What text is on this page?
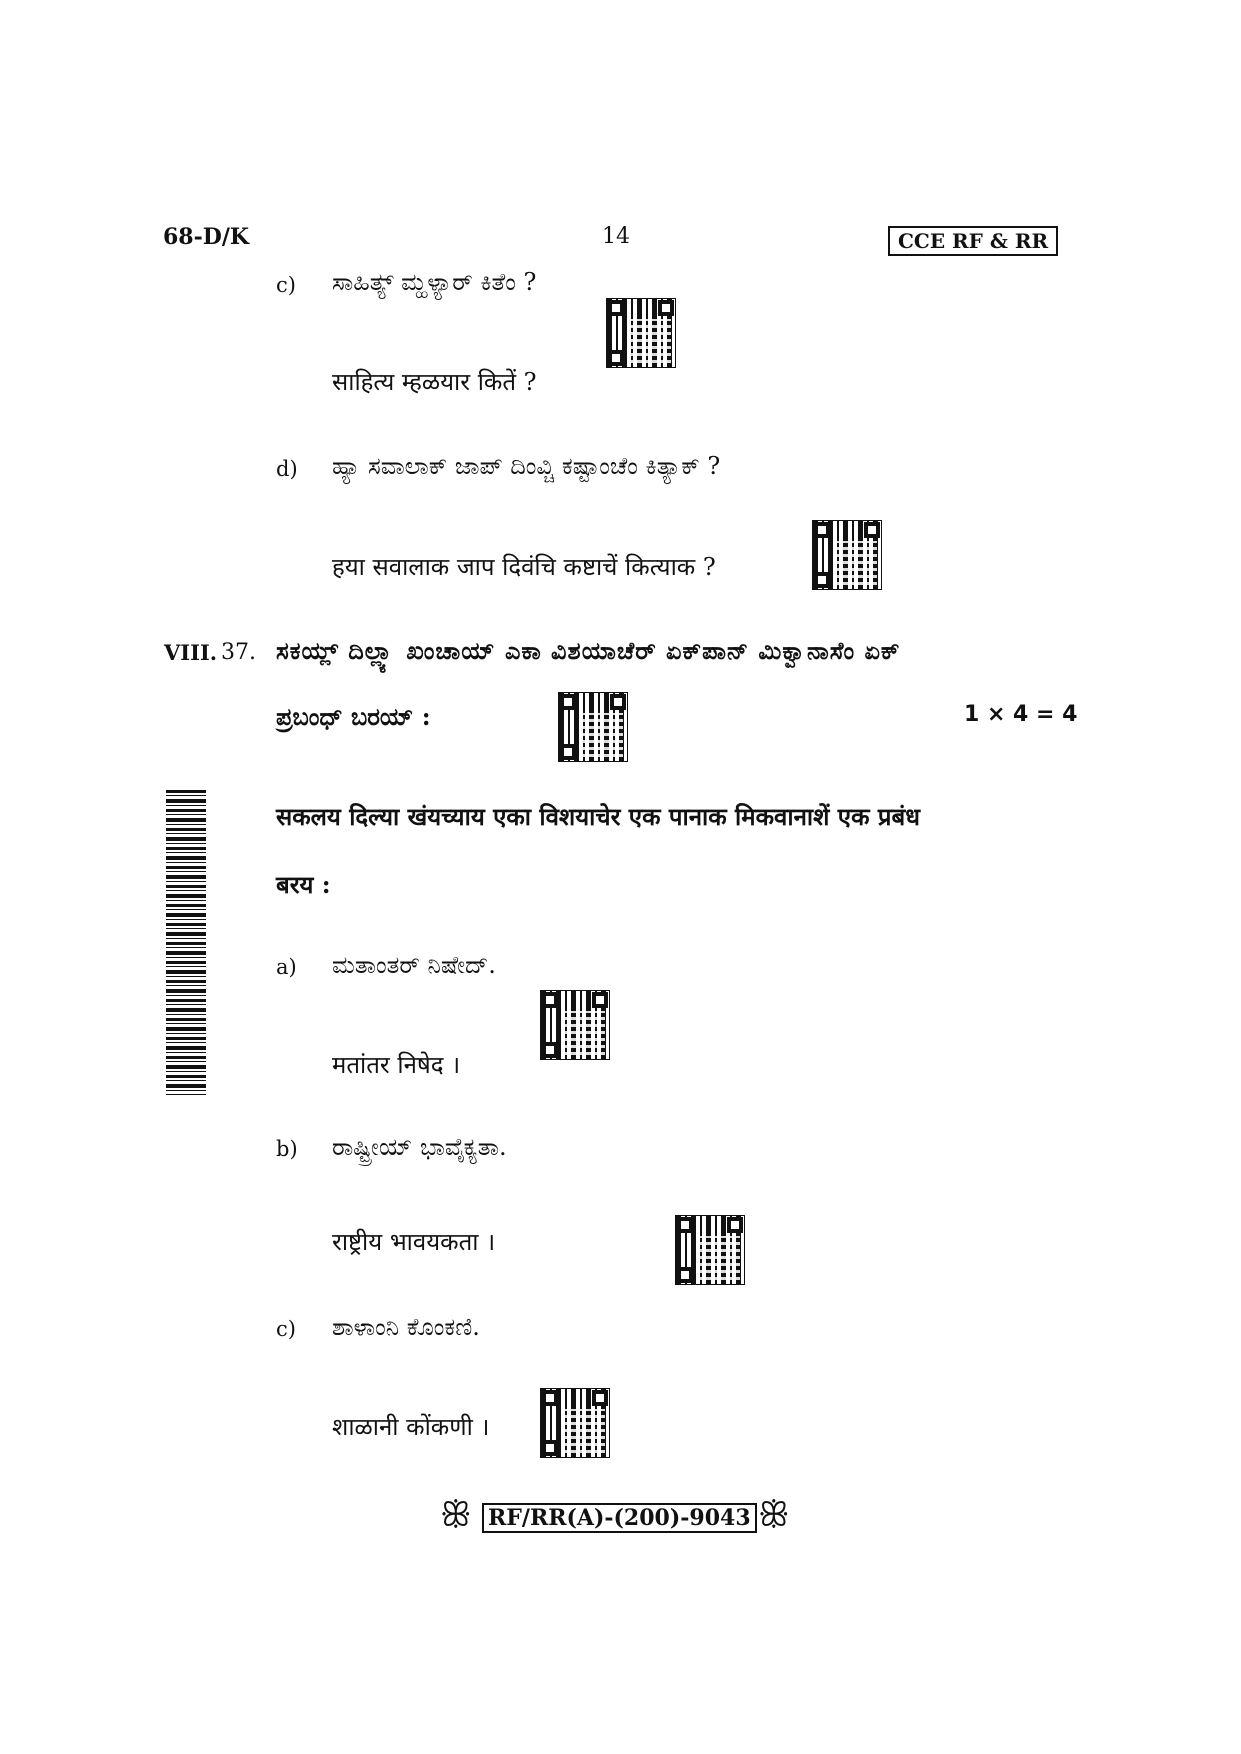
68-D/K	14	CCE RF & RR
c) ಸಾಹಿತ್ಯ್ ಮ್ಹಳ್ಯಾರ್ ಕಿತೆಂ ?
साहित्य म्हळयार कितें ?
d) ಹ್ಯಾ ಸವಾಲಾಕ್ ಜಾಪ್ ದಿಂವ್ಚಿ ಕಷ್ಟಾಂಚೆಂ ಕಿತ್ಯಾಕ್ ?
हया सवालाक जाप दिवंचि कष्टाचें कित्याक ?
VIII. 37. ಸಕಯ್ಲ್ ದಿಲ್ಲ್ಯಾ ಖಂಚಾಯ್ ಎಕಾ ವಿಶಯಾಚೆರ್ ಏಕ್‌ಪಾನ್ ಮಿಕ್ವಾನಾಸೆಂ ಏಕ್
ಪ್ರಬಂಧ್ ಬರಯ್ :	1 × 4 = 4
सकलय दिल्या खंयच्याय एका विशयाचेर एक पानाक मिकवानाशें एक प्रबंध
बरय :
a) ಮತಾಂತರ್ ನಿಷೇದ್.
मतांतर निषेद ।
b) ರಾಷ್ಟ್ರೀಯ್ ಭಾವೈಕ್ಯತಾ.
राष्ट्रीय भावयकता ।
c) ಶಾಳಾಂನಿ ಕೊಂಕಣಿ.
शाळानी कोंकणी ।
ꕥ RF/RR(A)-(200)-9043 ꕥ
